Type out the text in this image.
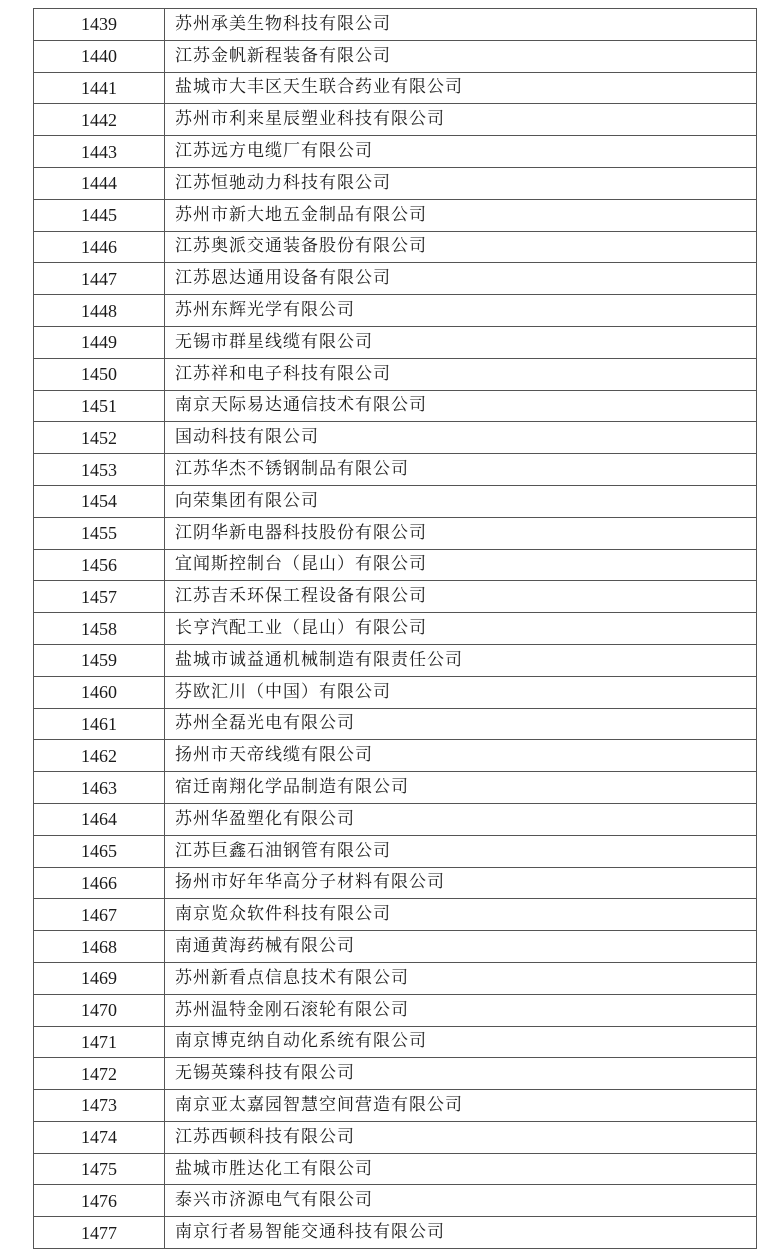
1439	苏州承美生物科技有限公司
1440	江苏金帆新程装备有限公司
1441	盐城市大丰区天生联合药业有限公司
1442	苏州市利来星辰塑业科技有限公司
1443	江苏远方电缆厂有限公司
1444	江苏恒驰动力科技有限公司
1445	苏州市新大地五金制品有限公司
1446	江苏奥派交通装备股份有限公司
1447	江苏恩达通用设备有限公司
1448	苏州东辉光学有限公司
1449	无锡市群星线缆有限公司
1450	江苏祥和电子科技有限公司
1451	南京天际易达通信技术有限公司
1452	国动科技有限公司
1453	江苏华杰不锈钢制品有限公司
1454	向荣集团有限公司
1455	江阴华新电器科技股份有限公司
1456	宜闻斯控制台（昆山）有限公司
1457	江苏吉禾环保工程设备有限公司
1458	长亨汽配工业（昆山）有限公司
1459	盐城市诚益通机械制造有限责任公司
1460	芬欧汇川（中国）有限公司
1461	苏州全磊光电有限公司
1462	扬州市天帝线缆有限公司
1463	宿迁南翔化学品制造有限公司
1464	苏州华盈塑化有限公司
1465	江苏巨鑫石油钢管有限公司
1466	扬州市好年华高分子材料有限公司
1467	南京览众软件科技有限公司
1468	南通黄海药械有限公司
1469	苏州新看点信息技术有限公司
1470	苏州温特金刚石滚轮有限公司
1471	南京博克纳自动化系统有限公司
1472	无锡英臻科技有限公司
1473	南京亚太嘉园智慧空间营造有限公司
1474	江苏西顿科技有限公司
1475	盐城市胜达化工有限公司
1476	泰兴市济源电气有限公司
1477	南京行者易智能交通科技有限公司
